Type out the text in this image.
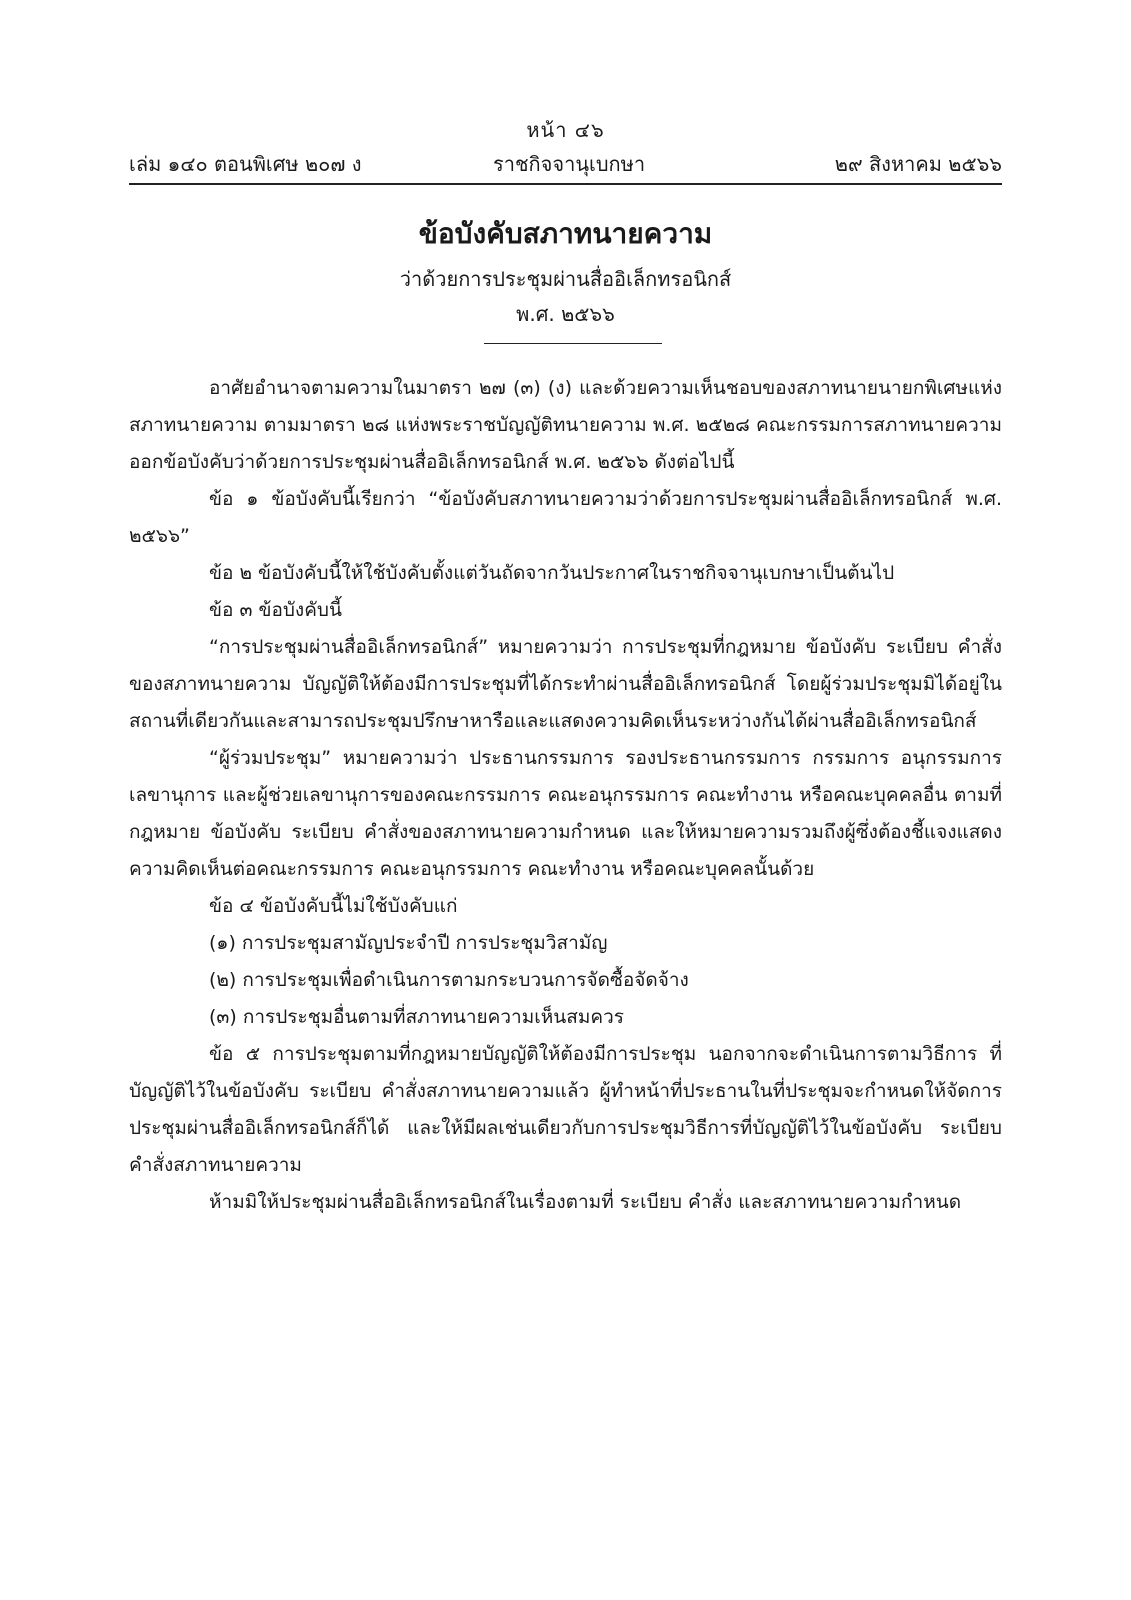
หน้า ๔๖
เล่ม ๑๔๐ ตอนพิเศษ ๒๐๗ ง	ราชกิจจานุเบกษา	๒๙ สิงหาคม ๒๕๖๖
ข้อบังคับสภาทนายความ
ว่าด้วยการประชุมผ่านสื่ออิเล็กทรอนิกส์
พ.ศ. ๒๕๖๖

อาศัยอำนาจตามความในมาตรา ๒๗ (๓) (ง) และด้วยความเห็นชอบของสภาทนายนายกพิเศษแห่งสภาทนายความ ตามมาตรา ๒๘ แห่งพระราชบัญญัติทนายความ พ.ศ. ๒๕๒๘ คณะกรรมการสภาทนายความออกข้อบังคับว่าด้วยการประชุมผ่านสื่ออิเล็กทรอนิกส์ พ.ศ. ๒๕๖๖ ดังต่อไปนี้

ข้อ ๑ ข้อบังคับนี้เรียกว่า “ข้อบังคับสภาทนายความว่าด้วยการประชุมผ่านสื่ออิเล็กทรอนิกส์ พ.ศ. ๒๕๖๖”

ข้อ ๒ ข้อบังคับนี้ให้ใช้บังคับตั้งแต่วันถัดจากวันประกาศในราชกิจจานุเบกษาเป็นต้นไป

ข้อ ๓ ข้อบังคับนี้

“การประชุมผ่านสื่ออิเล็กทรอนิกส์” หมายความว่า การประชุมที่กฎหมาย ข้อบังคับ ระเบียบ คำสั่งของสภาทนายความ บัญญัติให้ต้องมีการประชุมที่ได้กระทำผ่านสื่ออิเล็กทรอนิกส์ โดยผู้ร่วมประชุมมิได้อยู่ในสถานที่เดียวกันและสามารถประชุมปรึกษาหารือและแสดงความคิดเห็นระหว่างกันได้ผ่านสื่ออิเล็กทรอนิกส์

“ผู้ร่วมประชุม” หมายความว่า ประธานกรรมการ รองประธานกรรมการ กรรมการ อนุกรรมการ เลขานุการ และผู้ช่วยเลขานุการของคณะกรรมการ คณะอนุกรรมการ คณะทำงาน หรือคณะบุคคลอื่น ตามที่กฎหมาย ข้อบังคับ ระเบียบ คำสั่งของสภาทนายความกำหนด และให้หมายความรวมถึงผู้ซึ่งต้องชี้แจงแสดงความคิดเห็นต่อคณะกรรมการ คณะอนุกรรมการ คณะทำงาน หรือคณะบุคคลนั้นด้วย

ข้อ ๔ ข้อบังคับนี้ไม่ใช้บังคับแก่

(๑) การประชุมสามัญประจำปี การประชุมวิสามัญ

(๒) การประชุมเพื่อดำเนินการตามกระบวนการจัดซื้อจัดจ้าง

(๓) การประชุมอื่นตามที่สภาทนายความเห็นสมควร

ข้อ ๕ การประชุมตามที่กฎหมายบัญญัติให้ต้องมีการประชุม นอกจากจะดำเนินการตามวิธีการ ที่บัญญัติไว้ในข้อบังคับ ระเบียบ คำสั่งสภาทนายความแล้ว ผู้ทำหน้าที่ประธานในที่ประชุมจะกำหนดให้จัดการประชุมผ่านสื่ออิเล็กทรอนิกส์ก็ได้ และให้มีผลเช่นเดียวกับการประชุมวิธีการที่บัญญัติไว้ในข้อบังคับ ระเบียบ คำสั่งสภาทนายความ

ห้ามมิให้ประชุมผ่านสื่ออิเล็กทรอนิกส์ในเรื่องตามที่ ระเบียบ คำสั่ง และสภาทนายความกำหนด
